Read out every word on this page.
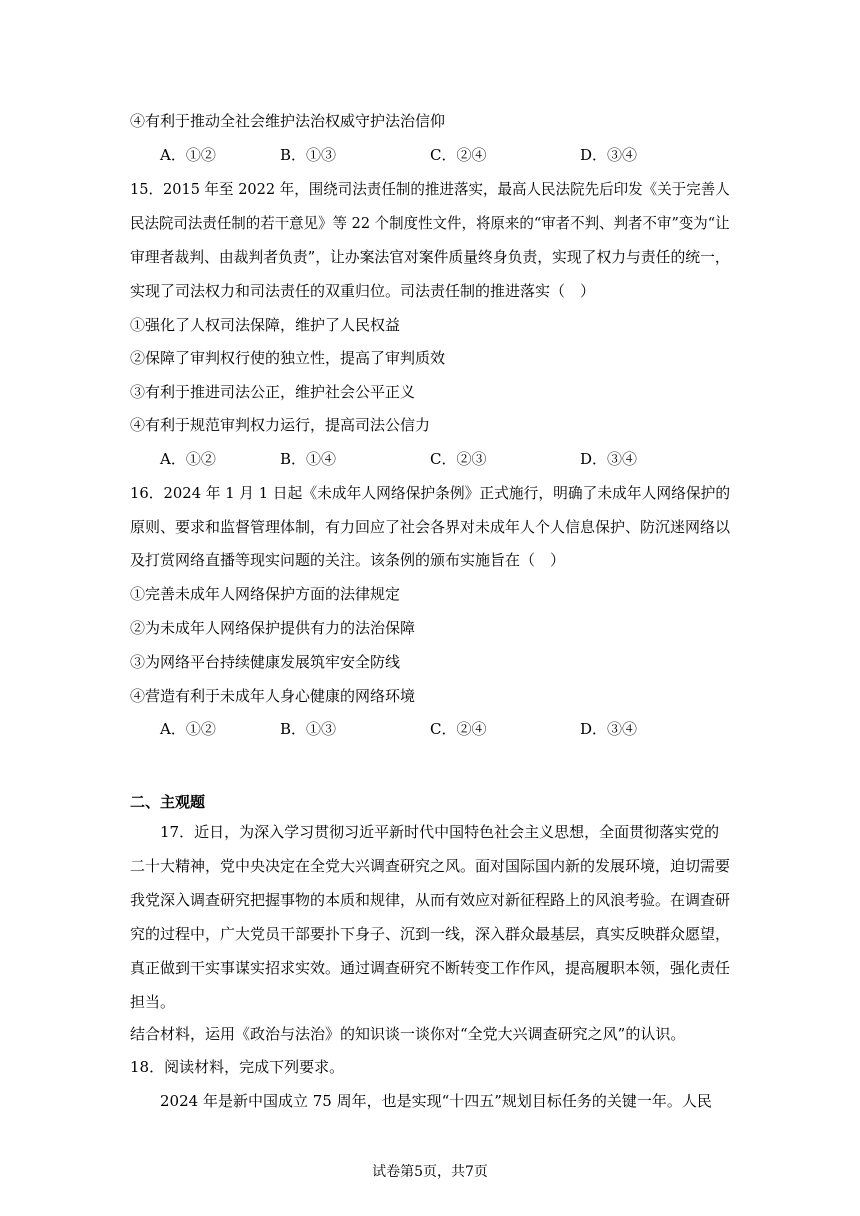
④有利于推动全社会维护法治权威守护法治信仰
A．①②	B．①③	C．②④	D．③④
15．2015 年至 2022 年，围绕司法责任制的推进落实，最高人民法院先后印发《关于完善人
民法院司法责任制的若干意见》等 22 个制度性文件，将原来的“审者不判、判者不审”变为“让
审理者裁判、由裁判者负责”，让办案法官对案件质量终身负责，实现了权力与责任的统一，
实现了司法权力和司法责任的双重归位。司法责任制的推进落实（　）
①强化了人权司法保障，维护了人民权益
②保障了审判权行使的独立性，提高了审判质效
③有利于推进司法公正，维护社会公平正义
④有利于规范审判权力运行，提高司法公信力
A．①②	B．①④	C．②③	D．③④
16．2024 年 1 月 1 日起《未成年人网络保护条例》正式施行，明确了未成年人网络保护的
原则、要求和监督管理体制，有力回应了社会各界对未成年人个人信息保护、防沉迷网络以
及打赏网络直播等现实问题的关注。该条例的颁布实施旨在（　）
①完善未成年人网络保护方面的法律规定
②为未成年人网络保护提供有力的法治保障
③为网络平台持续健康发展筑牢安全防线
④营造有利于未成年人身心健康的网络环境
A．①②	B．①③	C．②④	D．③④
二、主观题
　　17．近日，为深入学习贯彻习近平新时代中国特色社会主义思想，全面贯彻落实党的
二十大精神，党中央决定在全党大兴调查研究之风。面对国际国内新的发展环境，迫切需要
我党深入调查研究把握事物的本质和规律，从而有效应对新征程路上的风浪考验。在调查研
究的过程中，广大党员干部要扑下身子、沉到一线，深入群众最基层，真实反映群众愿望，
真正做到干实事谋实招求实效。通过调查研究不断转变工作作风，提高履职本领，强化责任
担当。
结合材料，运用《政治与法治》的知识谈一谈你对“全党大兴调查研究之风”的认识。
18．阅读材料，完成下列要求。
　　2024 年是新中国成立 75 周年，也是实现“十四五”规划目标任务的关键一年。人民
试卷第5页，共7页
